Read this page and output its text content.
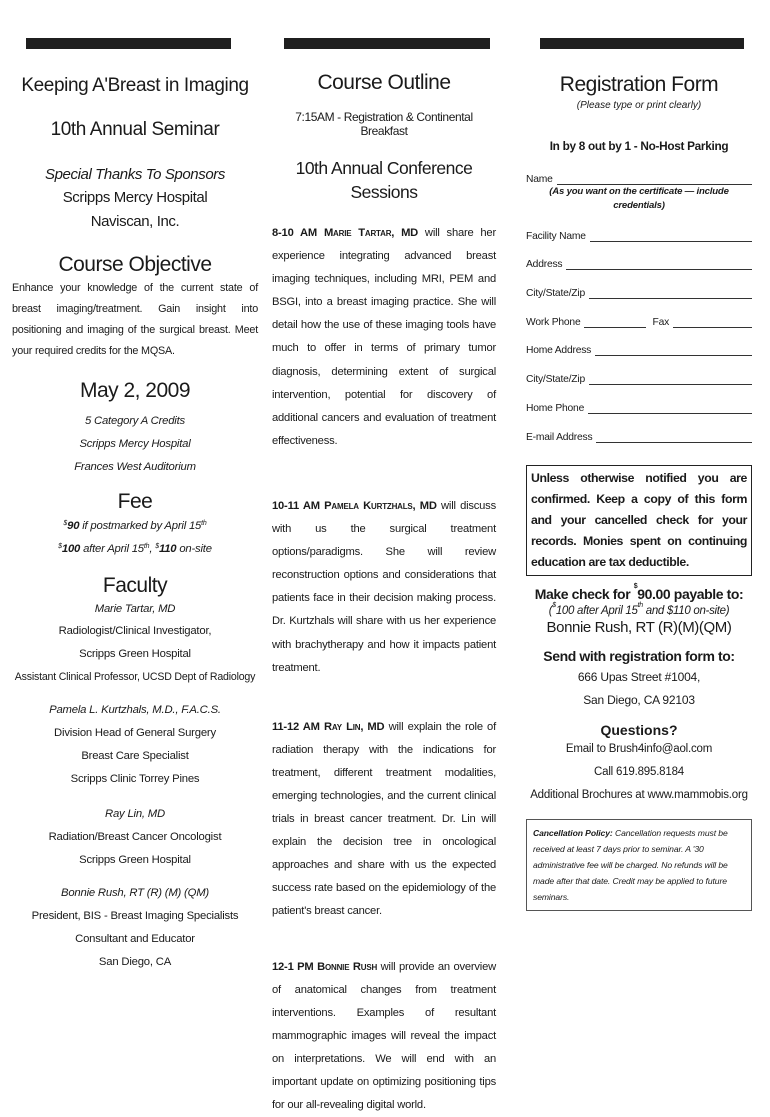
Keeping A'Breast in Imaging
10th Annual Seminar
Special Thanks To Sponsors
Scripps Mercy Hospital
Naviscan, Inc.
Course Objective
Enhance your knowledge of the current state of breast imaging/treatment. Gain insight into positioning and imaging of the surgical breast. Meet your required credits for the MQSA.
May 2, 2009
5 Category A Credits
Scripps Mercy Hospital
Frances West Auditorium
Fee
$90 if postmarked by April 15th
$100 after April 15th, $110 on-site
Faculty
Marie Tartar, MD
Radiologist/Clinical Investigator,
Scripps Green Hospital
Assistant Clinical Professor, UCSD Dept of Radiology
Pamela L. Kurtzhals, M.D., F.A.C.S.
Division Head of General Surgery
Breast Care Specialist
Scripps Clinic Torrey Pines
Ray Lin, MD
Radiation/Breast Cancer Oncologist
Scripps Green Hospital
Bonnie Rush, RT (R) (M) (QM)
President, BIS - Breast Imaging Specialists
Consultant and Educator
San Diego, CA
Course Outline
7:15AM - Registration & Continental Breakfast
10th Annual Conference Sessions

8-10 AM Marie Tartar, MD will share her experience integrating advanced breast imaging techniques, including MRI, PEM and BSGI, into a breast imaging practice. She will detail how the use of these imaging tools have much to offer in terms of primary tumor diagnosis, determining extent of surgical intervention, potential for discovery of additional cancers and evaluation of treatment effectiveness.

10-11 AM Pamela Kurtzhals, MD will discuss with us the surgical treatment options/paradigms. She will review reconstruction options and considerations that patients face in their decision making process. Dr. Kurtzhals will share with us her experience with brachytherapy and how it impacts patient treatment.

11-12 AM Ray Lin, MD will explain the role of radiation therapy with the indications for treatment, different treatment modalities, emerging technologies, and the current clinical trials in breast cancer treatment. Dr. Lin will explain the decision tree in oncological approaches and share with us the expected success rate based on the epidemiology of the patient's breast cancer.

12-1 PM Bonnie Rush will provide an overview of anatomical changes from treatment interventions. Examples of resultant mammographic images will reveal the impact on interpretations. We will end with an important update on optimizing positioning tips for our all-revealing digital world.

Registration Form
(Please type or print clearly)
In by 8 out by 1 - No-Host Parking
Name
(As you want on the certificate — include credentials)
Facility Name
Address
City/State/Zip
Work Phone	Fax
Home Address
City/State/Zip
Home Phone
E-mail Address
Unless otherwise notified you are confirmed. Keep a copy of this form and your cancelled check for your records. Monies spent on continuing education are tax deductible.
Make check for $90.00 payable to:
($100 after April 15th and $110 on-site)
Bonnie Rush, RT (R)(M)(QM)
Send with registration form to:
666 Upas Street #1004,
San Diego, CA 92103
Questions?
Email to Brush4info@aol.com
Call 619.895.8184
Additional Brochures at www.mammobis.org
Cancellation Policy: Cancellation requests must be received at least 7 days prior to seminar. A '30 administrative fee will be charged. No refunds will be made after that date. Credit may be applied to future seminars.
